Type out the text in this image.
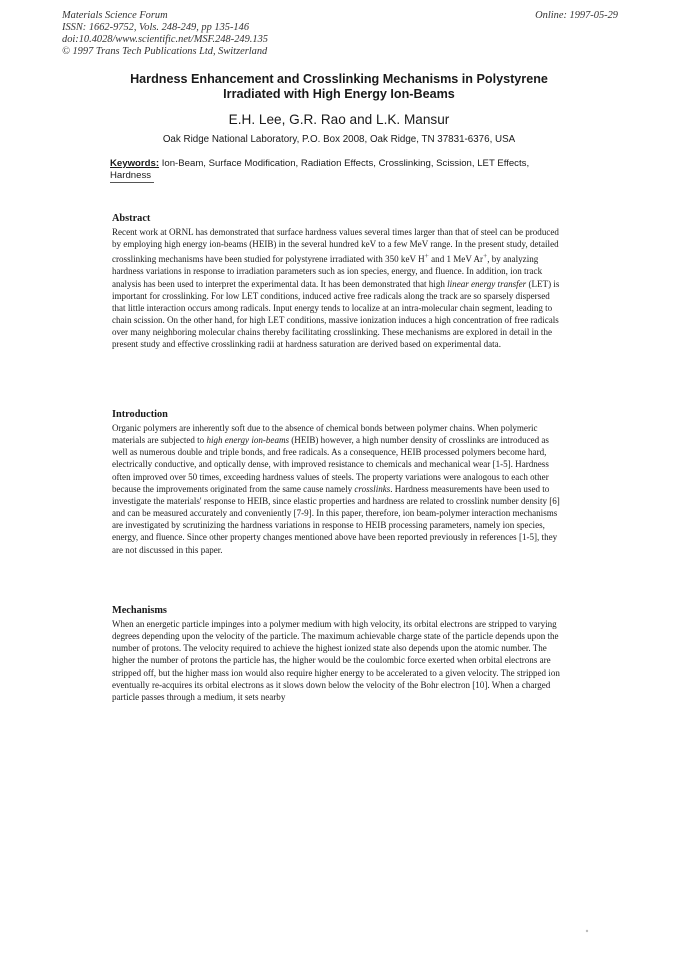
Materials Science Forum
ISSN: 1662-9752, Vols. 248-249, pp 135-146
doi:10.4028/www.scientific.net/MSF.248-249.135
© 1997 Trans Tech Publications Ltd, Switzerland
Online: 1997-05-29
Hardness Enhancement and Crosslinking Mechanisms in Polystyrene
Irradiated with High Energy Ion-Beams
E.H. Lee, G.R. Rao and L.K. Mansur
Oak Ridge National Laboratory, P.O. Box 2008, Oak Ridge, TN 37831-6376, USA
Keywords: Ion-Beam, Surface Modification, Radiation Effects, Crosslinking, Scission, LET Effects, Hardness
Abstract

Recent work at ORNL has demonstrated that surface hardness values several times larger than that of steel can be produced by employing high energy ion-beams (HEIB) in the several hundred keV to a few MeV range. In the present study, detailed crosslinking mechanisms have been studied for polystyrene irradiated with 350 keV H+ and 1 MeV Ar+, by analyzing hardness variations in response to irradiation parameters such as ion species, energy, and fluence. In addition, ion track analysis has been used to interpret the experimental data. It has been demonstrated that high linear energy transfer (LET) is important for crosslinking. For low LET conditions, induced active free radicals along the track are so sparsely dispersed that little interaction occurs among radicals. Input energy tends to localize at an intra-molecular chain segment, leading to chain scission. On the other hand, for high LET conditions, massive ionization induces a high concentration of free radicals over many neighboring molecular chains thereby facilitating crosslinking. These mechanisms are explored in detail in the present study and effective crosslinking radii at hardness saturation are derived based on experimental data.

Introduction

Organic polymers are inherently soft due to the absence of chemical bonds between polymer chains. When polymeric materials are subjected to high energy ion-beams (HEIB) however, a high number density of crosslinks are introduced as well as numerous double and triple bonds, and free radicals. As a consequence, HEIB processed polymers become hard, electrically conductive, and optically dense, with improved resistance to chemicals and mechanical wear [1-5]. Hardness often improved over 50 times, exceeding hardness values of steels. The property variations were analogous to each other because the improvements originated from the same cause namely crosslinks. Hardness measurements have been used to investigate the materials' response to HEIB, since elastic properties and hardness are related to crosslink number density [6] and can be measured accurately and conveniently [7-9]. In this paper, therefore, ion beam-polymer interaction mechanisms are investigated by scrutinizing the hardness variations in response to HEIB processing parameters, namely ion species, energy, and fluence. Since other property changes mentioned above have been reported previously in references [1-5], they are not discussed in this paper.

Mechanisms

When an energetic particle impinges into a polymer medium with high velocity, its orbital electrons are stripped to varying degrees depending upon the velocity of the particle. The maximum achievable charge state of the particle depends upon the number of protons. The velocity required to achieve the highest ionized state also depends upon the atomic number. The higher the number of protons the particle has, the higher would be the coulombic force exerted when orbital electrons are stripped off, but the higher mass ion would also require higher energy to be accelerated to a given velocity. The stripped ion eventually re-acquires its orbital electrons as it slows down below the velocity of the Bohr electron [10]. When a charged particle passes through a medium, it sets nearby
